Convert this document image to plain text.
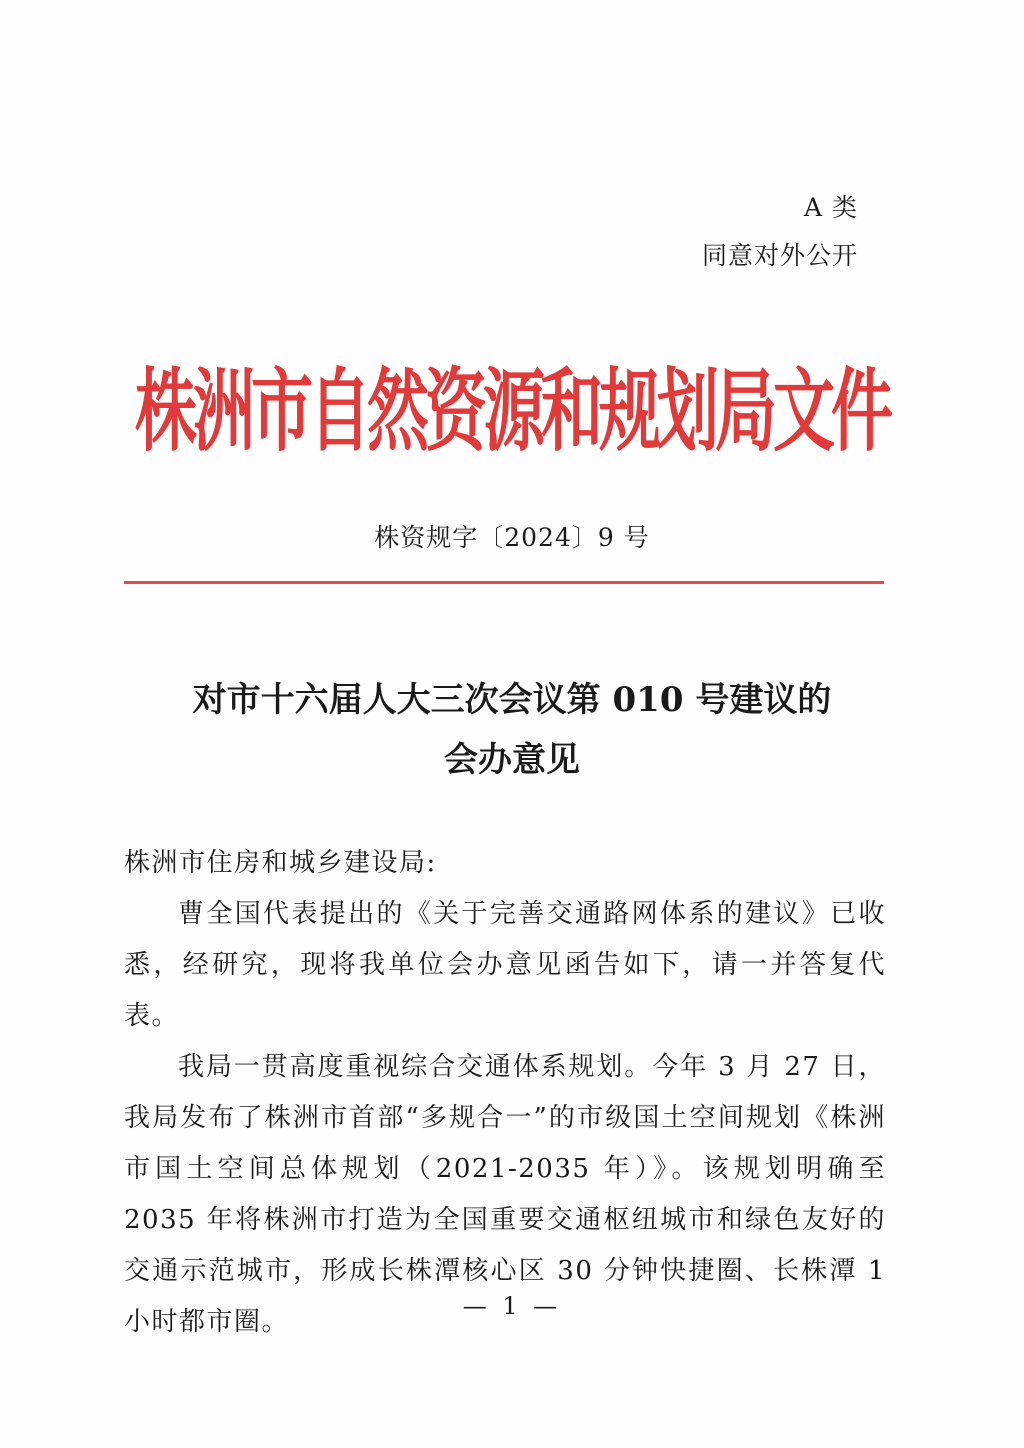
A 类
同意对外公开
株洲市自然资源和规划局文件
株资规字〔2024〕9 号
对市十六届人大三次会议第 010 号建议的
会办意见

株洲市住房和城乡建设局:

曹全国代表提出的《关于完善交通路网体系的建议》已收悉，经研究，现将我单位会办意见函告如下，请一并答复代表。

我局一贯高度重视综合交通体系规划。今年 3 月 27 日，我局发布了株洲市首部“多规合一”的市级国土空间规划《株洲市国土空间总体规划（2021-2035 年）》。该规划明确至 2035 年将株洲市打造为全国重要交通枢纽城市和绿色友好的交通示范城市，形成长株潭核心区 30 分钟快捷圈、长株潭 1 小时都市圈。

— 1 —
